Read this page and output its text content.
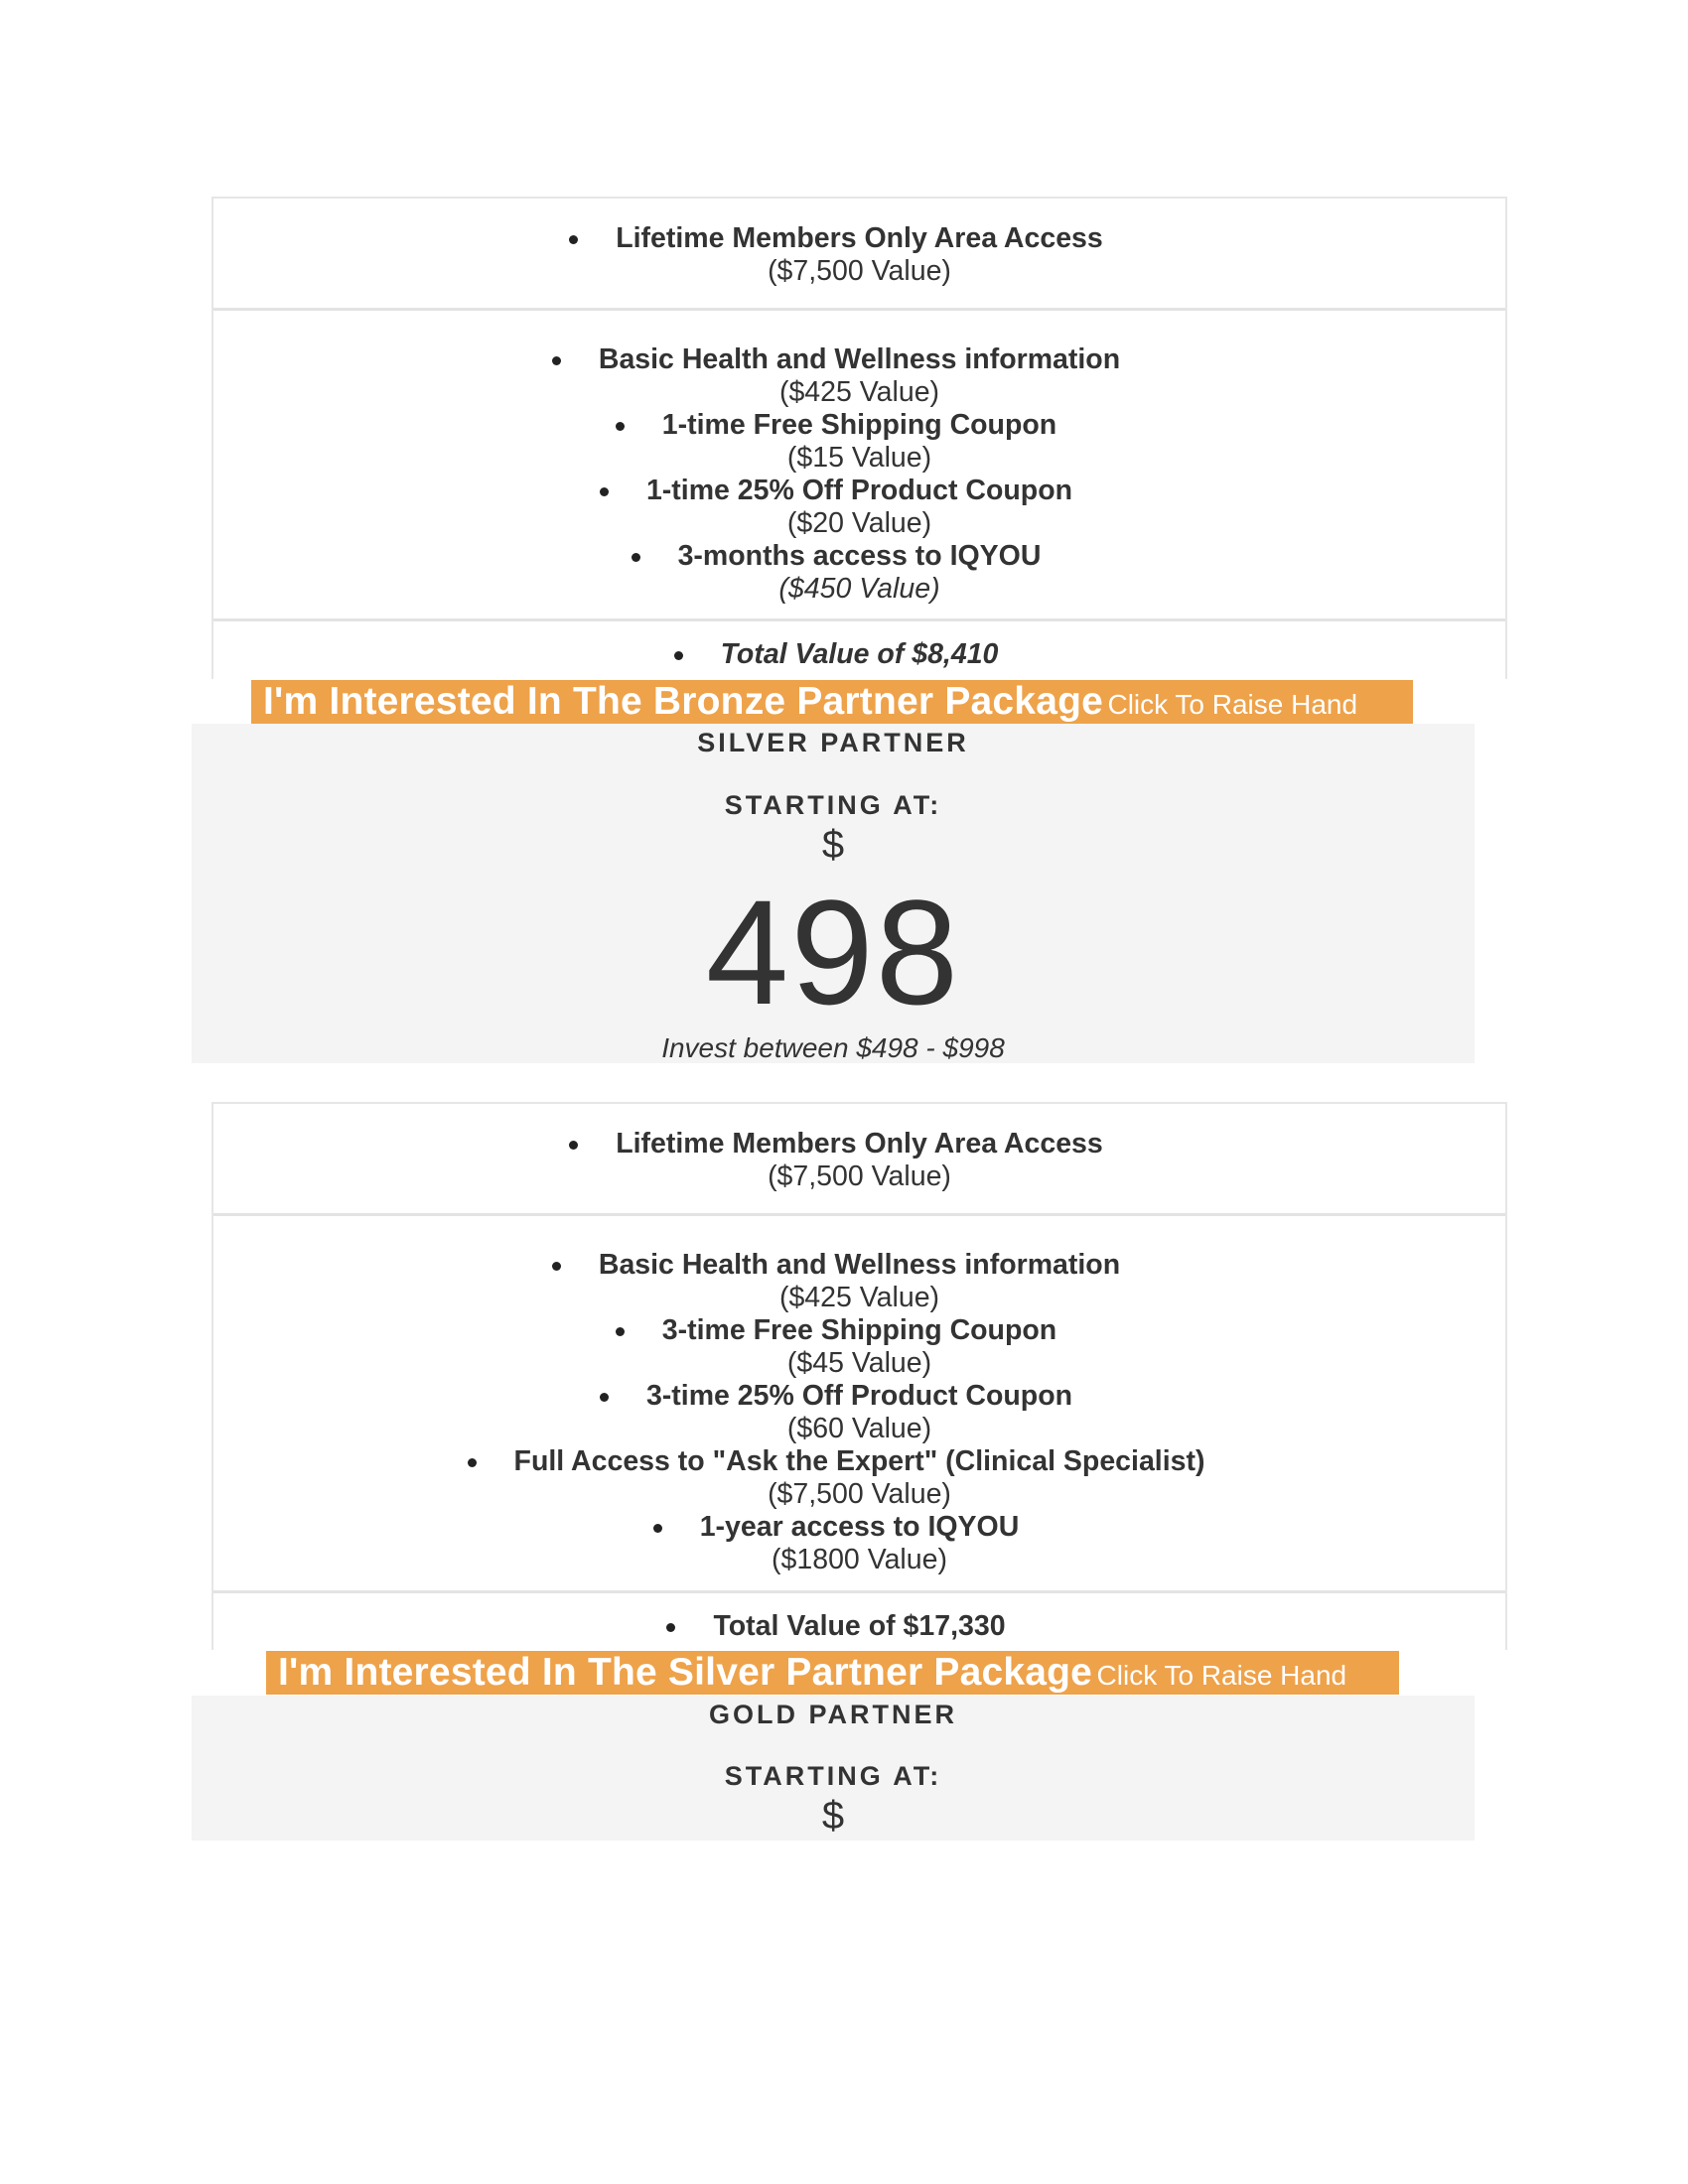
Lifetime Members Only Area Access
($7,500 Value)
Basic Health and Wellness information
($425 Value)

1-time Free Shipping Coupon
($15 Value)

1-time 25% Off Product Coupon
($20 Value)

3-months access to IQYOU
($450 Value)
Total Value of $8,410
I'm Interested In The Bronze Partner Package Click To Raise Hand
SILVER PARTNER
STARTING AT:
$
498
Invest between $498 - $998
Lifetime Members Only Area Access
($7,500 Value)
Basic Health and Wellness information
($425 Value)

3-time Free Shipping Coupon
($45 Value)

3-time 25% Off Product Coupon
($60 Value)

Full Access to "Ask the Expert" (Clinical Specialist)
($7,500 Value)

1-year access to IQYOU
($1800 Value)
Total Value of $17,330
I'm Interested In The Silver Partner Package Click To Raise Hand
GOLD PARTNER
STARTING AT:
$
